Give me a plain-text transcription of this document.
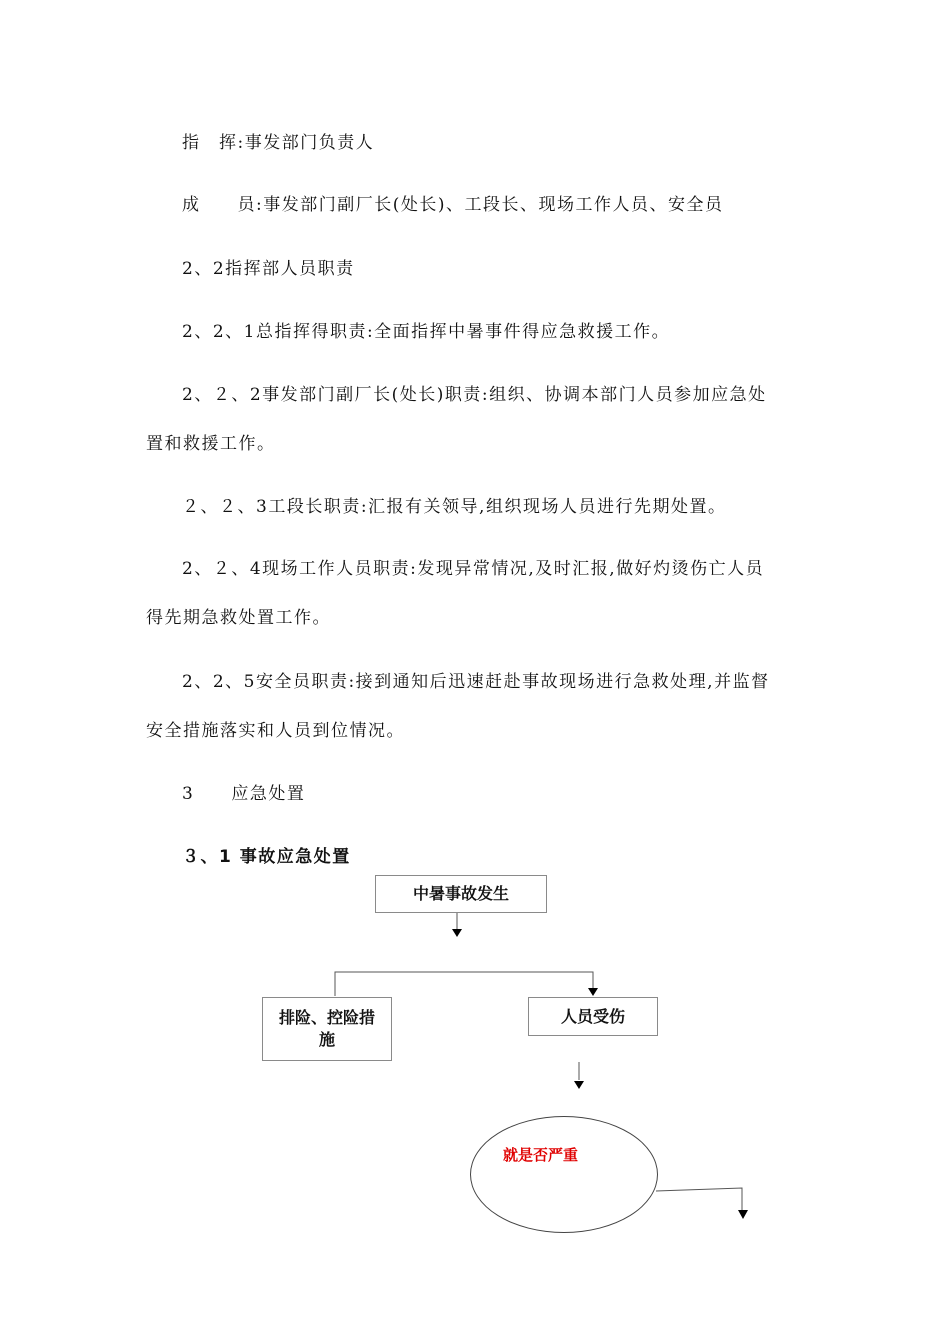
指　挥:事发部门负责人
成　　员:事发部门副厂长(处长)、工段长、现场工作人员、安全员
2、2指挥部人员职责
2、2、1总指挥得职责:全面指挥中暑事件得应急救援工作。
2、２、2事发部门副厂长(处长)职责:组织、协调本部门人员参加应急处
置和救援工作。
２、２、3工段长职责:汇报有关领导,组织现场人员进行先期处置。
2、２、4现场工作人员职责:发现异常情况,及时汇报,做好灼烫伤亡人员
得先期急救处置工作。
2、2、5安全员职责:接到通知后迅速赶赴事故现场进行急救处理,并监督
安全措施落实和人员到位情况。
3　　应急处置
３、1 事故应急处置
中暑事故发生
排险、控险措施
人员受伤
就是否严重
